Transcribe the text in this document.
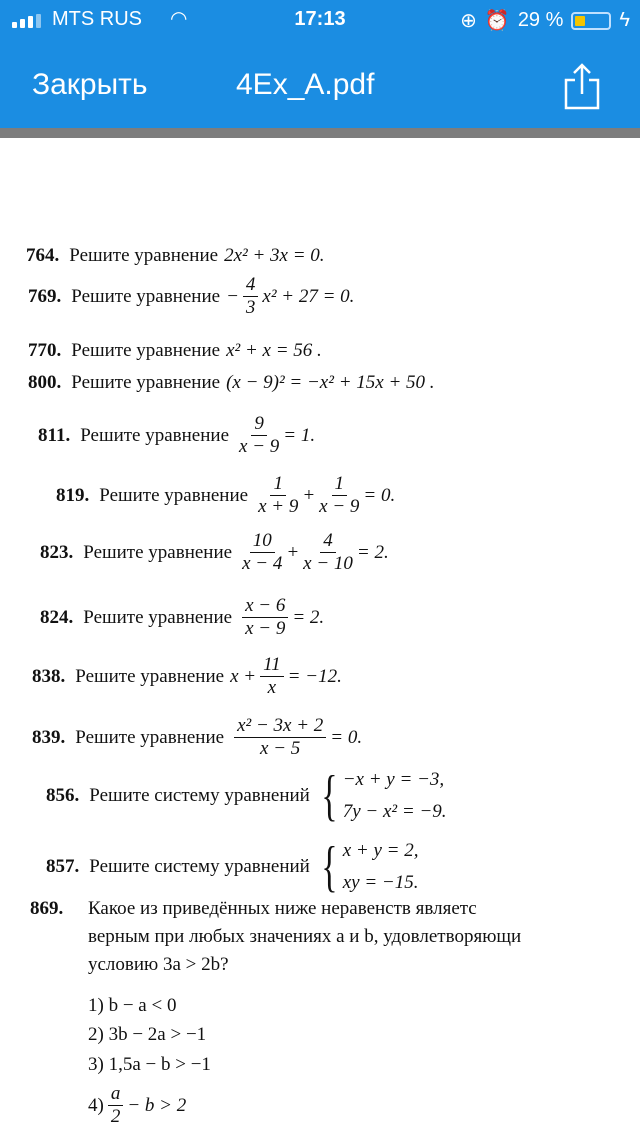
MTS RUS ◠	17:13	⊕ ⏰ 29 %	ϟ
Закрыть	4Ex_A.pdf
764. Решите уравнение 2x² + 3x = 0.
769. Решите уравнение − $\frac{4}{3} x^2 + 27 = 0$.
770. Решите уравнение x² + x = 56 .
800. Решите уравнение (x − 9)² = −x² + 15x + 50 .
811. Решите уравнение $\frac{9}{x - 9} = 1$.
819. Решите уравнение $\frac{1}{x + 9} + \frac{1}{x - 9} = 0$.
823. Решите уравнение $\frac{10}{x - 4} + \frac{4}{x - 10} = 2$.
824. Решите уравнение $\frac{x - 6}{x - 9} = 2$.
838. Решите уравнение $x + \frac{11}{x} = -12$.
839. Решите уравнение $\frac{\text{x² − 3x + 2}}{x - 5} = 0$.
856. Решите систему уравнений { −x + y = −3,
7y − x² = −9.
857. Решите систему уравнений { x + y = 2,
xy = −15.
869. Какое из приведённых ниже неравенств являетс
верным при любых значениях a и b, удовлетворяющи
условию 3a > 2b?
1) b − a < 0
2) 3b − 2a > −1
3) 1,5a − b > −1
$4) \frac{a}{2} - b > 2$
